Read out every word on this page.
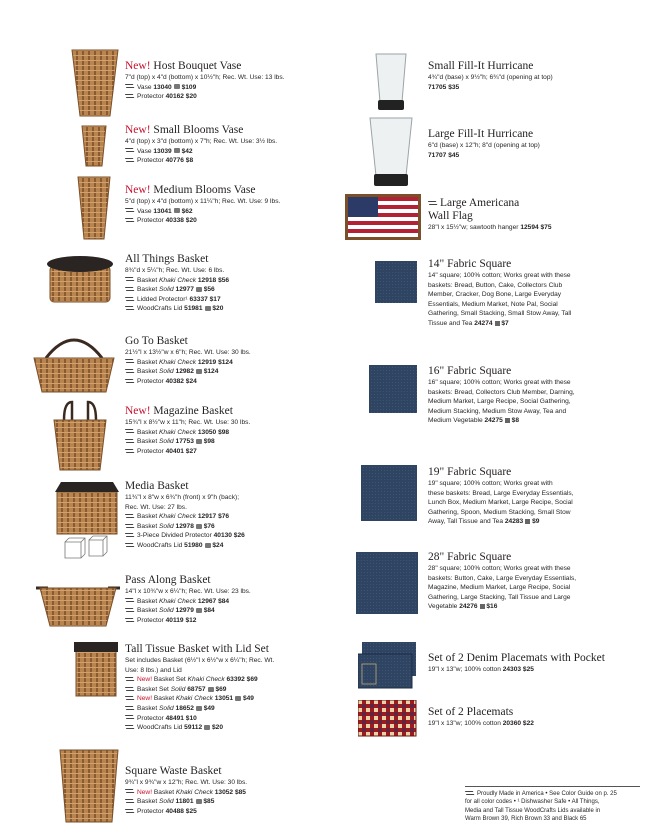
New! Host Bouquet Vase
7"d (top) x 4"d (bottom) x 10½"h; Rec. Wt. Use: 13 lbs.
Vase 13040 $109
Protector 40162 $20
New! Small Blooms Vase
4"d (top) x 3"d (bottom) x 7"h; Rec. Wt. Use: 3½ lbs.
Vase 13039 $42
Protector 40776 $8
New! Medium Blooms Vase
5"d (top) x 4"d (bottom) x 11¼"h; Rec. Wt. Use: 9 lbs.
Vase 13041 $62
Protector 40338 $20
All Things Basket
8¾"d x 5¼"h; Rec. Wt. Use: 6 lbs.
Basket Khaki Check 12918 $56
Basket Solid 12977 $56
Lidded Protector¹ 63337 $17
WoodCrafts Lid 51981 $20
Go To Basket
21½"l x 13½"w x 6"h; Rec. Wt. Use: 30 lbs.
Basket Khaki Check 12919 $124
Basket Solid 12982 $124
Protector 40382 $24
New! Magazine Basket
15¾"l x 8½"w x 11"h; Rec. Wt. Use: 30 lbs.
Basket Khaki Check 13050 $98
Basket Solid 17753 $98
Protector 40401 $27
Media Basket
11¾"l x 8"w x 6¾"h (front) x 9"h (back);
Rec. Wt. Use: 27 lbs.
Basket Khaki Check 12917 $76
Basket Solid 12978 $76
3-Piece Divided Protector 40130 $26
WoodCrafts Lid 51980 $24
Pass Along Basket
14"l x 10¾"w x 6¼"h; Rec. Wt. Use: 23 lbs.
Basket Khaki Check 12967 $84
Basket Solid 12979 $84
Protector 40119 $12
Tall Tissue Basket with Lid Set
Set includes Basket (6½"l x 6½"w x 6¼"h; Rec. Wt.
Use: 8 lbs.) and Lid
New! Basket Set Khaki Check 63392 $69
Basket Set Solid 68757 $69
New! Basket Khaki Check 13051 $49
Basket Solid 18652 $49
Protector 48491 $10
WoodCrafts Lid 59112 $20
Square Waste Basket
9¾"l x 9¾"w x 12"h; Rec. Wt. Use: 30 lbs.
New! Basket Khaki Check 13052 $85
Basket Solid 11801 $85
Protector 40488 $25
Small Fill-It Hurricane
4¾"d (base) x 9½"h; 6¾"d (opening at top)
71705 $35
Large Fill-It Hurricane
6"d (base) x 12"h; 8"d (opening at top)
71707 $45
Large Americana
Wall Flag
28"l x 15½"w; sawtooth hanger 12594 $75
14" Fabric Square
14" square; 100% cotton; Works great with these
baskets: Bread, Button, Cake, Collectors Club
Member, Cracker, Dog Bone, Large Everyday
Essentials, Medium Market, Note Pal, Social
Gathering, Small Stacking, Small Stow Away, Tall
Tissue and Tea 24274 $7
16" Fabric Square
16" square; 100% cotton; Works great with these
baskets: Bread, Collectors Club Member, Darning,
Medium Market, Large Recipe, Social Gathering,
Medium Stacking, Medium Stow Away, Tea and
Medium Vegetable 24275 $8
19" Fabric Square
19" square; 100% cotton; Works great with
these baskets: Bread, Large Everyday Essentials,
Lunch Box, Medium Market, Large Recipe, Social
Gathering, Spoon, Medium Stacking, Small Stow
Away, Tall Tissue and Tea 24283 $9
28" Fabric Square
28" square; 100% cotton; Works great with these
baskets: Button, Cake, Large Everyday Essentials,
Magazine, Medium Market, Large Recipe, Social
Gathering, Large Stacking, Tall Tissue and Large
Vegetable 24276 $16
Set of 2 Denim Placemats with Pocket
19"l x 13"w; 100% cotton 24303 $25
Set of 2 Placemats
19"l x 13"w; 100% cotton 20360 $22
Proudly Made in America • See Color Guide on p. 25
for all color codes • ¹ Dishwasher Safe • All Things,
Media and Tall Tissue WoodCrafts Lids available in
Warm Brown 39, Rich Brown 33 and Black 65
